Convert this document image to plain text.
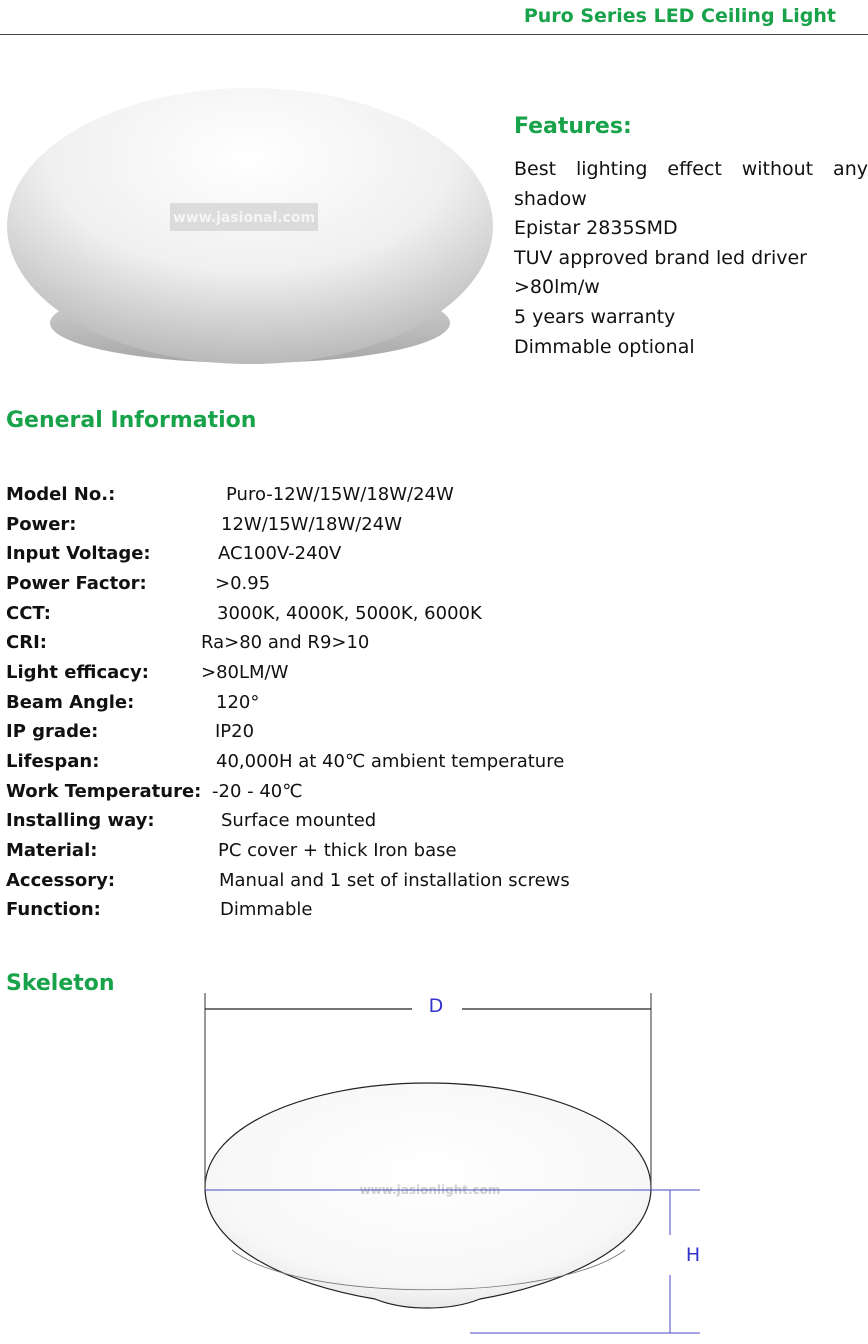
Puro Series LED Ceiling Light
www.jasional.com
Features:
Best lighting effect without any shadow
Epistar 2835SMD
TUV approved brand led driver
>80lm/w
5 years warranty
Dimmable optional
General Information
Model No.:	Puro-12W/15W/18W/24W
Power:	12W/15W/18W/24W
Input Voltage:	AC100V-240V
Power Factor:	>0.95
CCT:	3000K, 4000K, 5000K, 6000K
CRI:	Ra>80 and R9>10
Light efficacy:	>80LM/W
Beam Angle:	120°
IP grade:	IP20
Lifespan:	40,000H at 40℃ ambient temperature
Work Temperature: -20 - 40℃
Installing way:	Surface mounted
Material:	PC cover + thick Iron base
Accessory:	Manual and 1 set of installation screws
Function:	Dimmable
Skeleton
www.jasionlight.com
D
H
